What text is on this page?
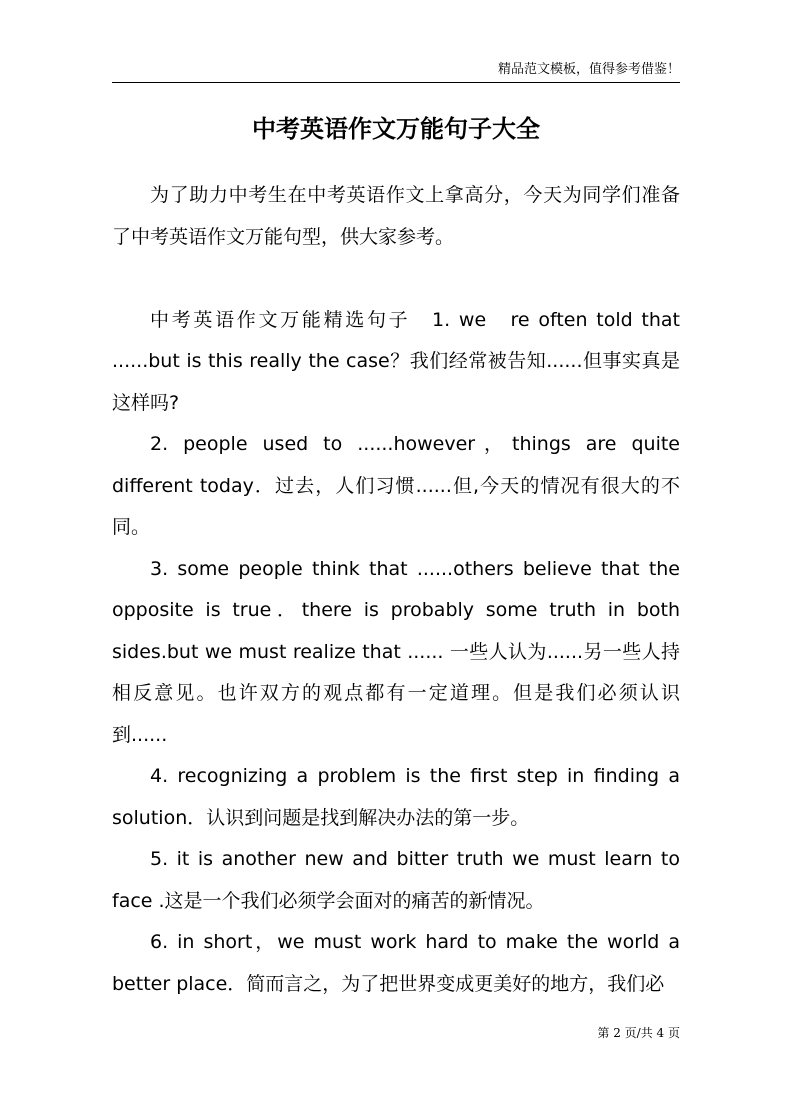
精品范文模板，值得参考借鉴！
中考英语作文万能句子大全

为了助力中考生在中考英语作文上拿高分，今天为同学们准备了中考英语作文万能句型，供大家参考。

中考英语作文万能精选句子　1. we　re often told that ......but is this really the case？我们经常被告知......但事实真是这样吗?

2. people used to ......however，things are quite different today．过去，人们习惯......但,今天的情况有很大的不同。

3. some people think that ......others believe that the opposite is true．there is probably some truth in both sides.but we must realize that ...... 一些人认为......另一些人持相反意见。也许双方的观点都有一定道理。但是我们必须认识到......

4. recognizing a problem is the first step in finding a solution．认识到问题是找到解决办法的第一步。

5. it is another new and bitter truth we must learn to face .这是一个我们必须学会面对的痛苦的新情况。

6. in short，we must work hard to make the world a better place．简而言之，为了把世界变成更美好的地方，我们必

第 2 页/共 4 页
